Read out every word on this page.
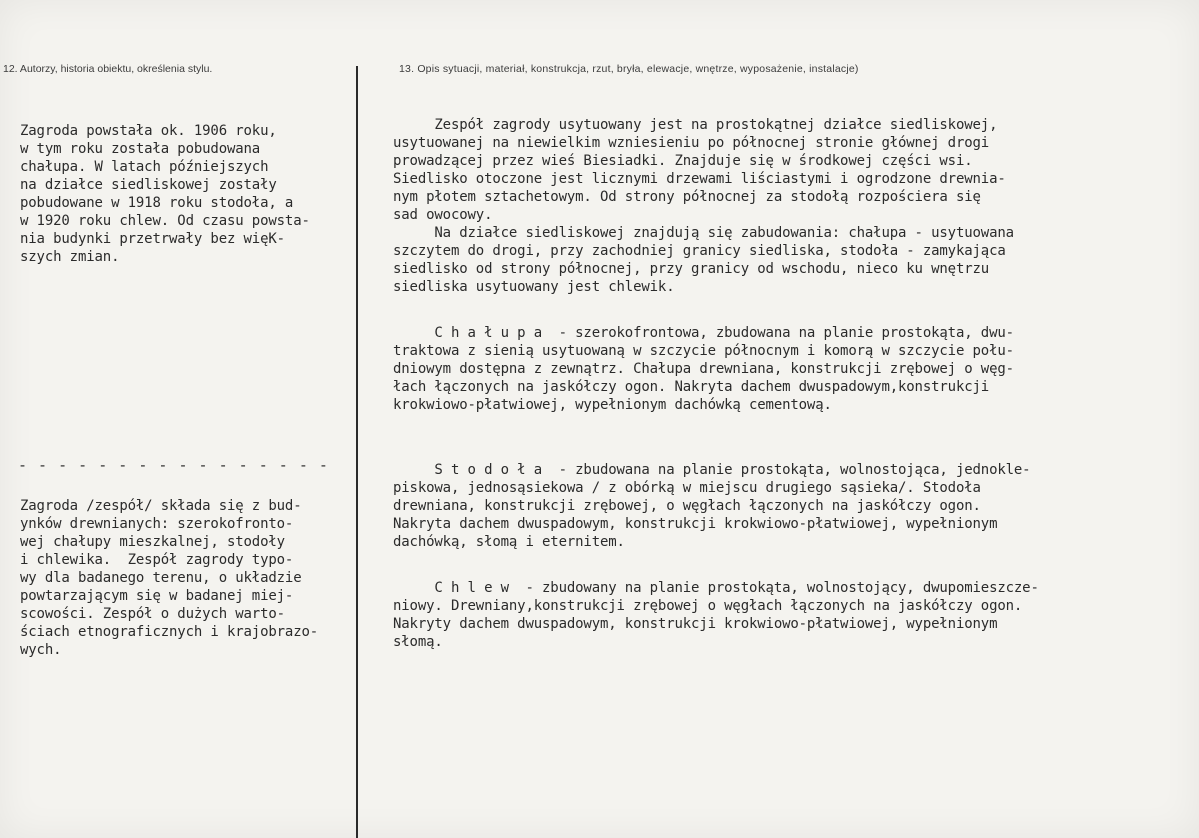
12. Autorzy, historia obiektu, określenia stylu.	13. Opis sytuacji, materiał, konstrukcja, rzut, bryła, elewacje, wnętrze, wyposażenie, instalacje)
Zagroda powstała ok. 1906 roku,
w tym roku została pobudowana
chałupa. W latach późniejszych
na działce siedliskowej zostały
pobudowane w 1918 roku stodoła, a
w 1920 roku chlew. Od czasu powsta-
nia budynki przetrwały bez więK-
szych zmian.
- - - - - - - - - - - - - - - -
Zagroda /zespół/ składa się z bud-
ynków drewnianych: szerokofronto-
wej chałupy mieszkalnej, stodoły
i chlewika.  Zespół zagrody typo-
wy dla badanego terenu, o układzie
powtarzającym się w badanej miej-
scowości. Zespół o dużych warto-
ściach etnograficznych i krajobrazo-
wych.
Zespół zagrody usytuowany jest na prostokątnej działce siedliskowej,
usytuowanej na niewielkim wzniesieniu po północnej stronie głównej drogi
prowadzącej przez wieś Biesiadki. Znajduje się w środkowej części wsi.
Siedlisko otoczone jest licznymi drzewami liściastymi i ogrodzone drewnia-
nym płotem sztachetowym. Od strony północnej za stodołą rozpościera się
sad owocowy.
Na działce siedliskowej znajdują się zabudowania: chałupa - usytuowana
szczytem do drogi, przy zachodniej granicy siedliska, stodoła - zamykająca
siedlisko od strony północnej, przy granicy od wschodu, nieco ku wnętrzu
siedliska usytuowany jest chlewik.
C h a ł u p a  - szerokofrontowa, zbudowana na planie prostokąta, dwu-
traktowa z sienią usytuowaną w szczycie północnym i komorą w szczycie połu-
dniowym dostępna z zewnątrz. Chałupa drewniana, konstrukcji zrębowej o węg-
łach łączonych na jaskółczy ogon. Nakryta dachem dwuspadowym,konstrukcji
krokwiowo-płatwiowej, wypełnionym dachówką cementową.
S t o d o ł a  - zbudowana na planie prostokąta, wolnostojąca, jednokle-
piskowa, jednosąsiekowa / z obórką w miejscu drugiego sąsieka/. Stodoła
drewniana, konstrukcji zrębowej, o węgłach łączonych na jaskółczy ogon.
Nakryta dachem dwuspadowym, konstrukcji krokwiowo-płatwiowej, wypełnionym
dachówką, słomą i eternitem.
C h l e w  - zbudowany na planie prostokąta, wolnostojący, dwupomieszcze-
niowy. Drewniany,konstrukcji zrębowej o węgłach łączonych na jaskółczy ogon.
Nakryty dachem dwuspadowym, konstrukcji krokwiowo-płatwiowej, wypełnionym
słomą.
